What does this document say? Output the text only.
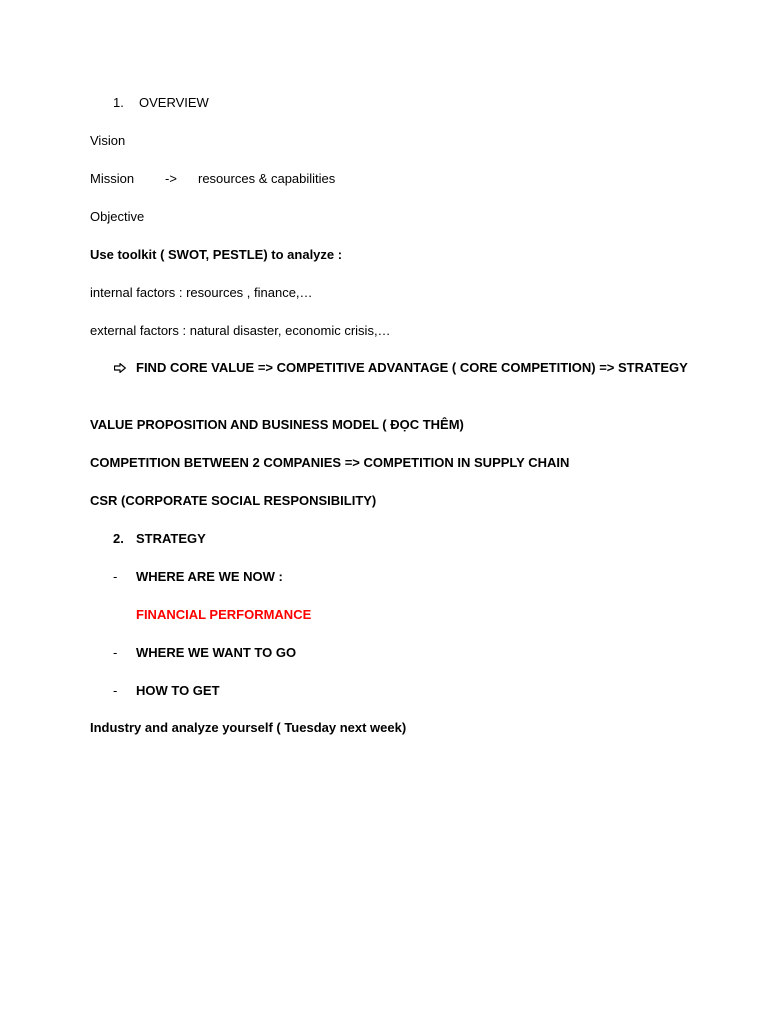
1. OVERVIEW
Vision
Mission -> resources & capabilities
Objective
Use toolkit ( SWOT, PESTLE) to analyze :
internal factors : resources , finance,…
external factors : natural disaster, economic crisis,…
FIND CORE VALUE => COMPETITIVE ADVANTAGE ( CORE COMPETITION) => STRATEGY
VALUE PROPOSITION AND BUSINESS MODEL ( ĐỌC THÊM)
COMPETITION BETWEEN 2 COMPANIES => COMPETITION IN SUPPLY CHAIN
CSR (CORPORATE SOCIAL RESPONSIBILITY)
2. STRATEGY
- WHERE ARE WE NOW :
FINANCIAL PERFORMANCE
- WHERE WE WANT TO GO
- HOW TO GET
Industry and analyze yourself ( Tuesday next week)
